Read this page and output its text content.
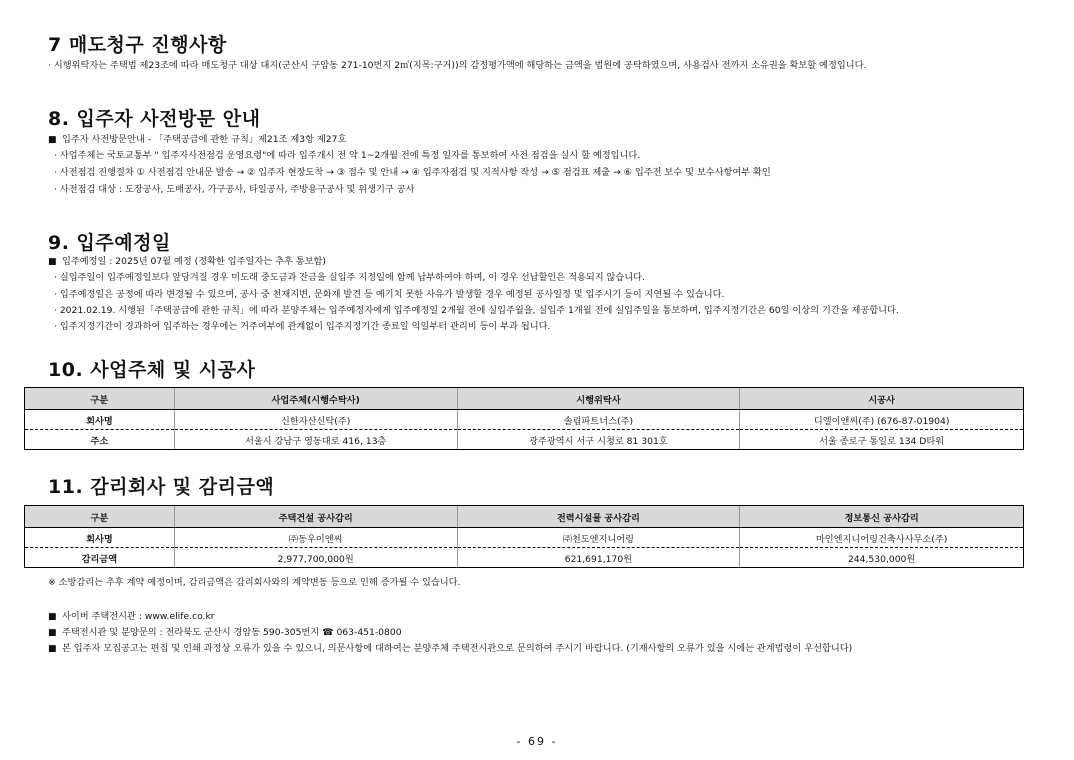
7 매도청구 진행사항
· 시행위탁자는 주택법 제23조에 따라 매도청구 대상 대지(군산시 구암동 271-10번지 2㎡(지목:구거))의 감정평가액에 해당하는 금액을 법원에 공탁하였으며, 사용검사 전까지 소유권을 확보할 예정입니다.
8. 입주자 사전방문 안내
■ 입주자 사전방문안내 - 「주택공급에 관한 규칙」제21조 제3항 제27호
· 사업주체는 국토교통부 " 입주자사전점검 운영요령"에 따라 입주개시 전 약 1~2개월 전에 특정 일자를 통보하여 사전 점검을 실시 할 예정입니다.
· 사전점검 진행절차 ① 사전점검 안내문 발송 → ② 입주자 현장도착 → ③ 접수 및 안내 → ④ 입주자점검 및 지적사항 작성 → ⑤ 점검표 제출 → ⑥ 입주전 보수 및 보수사항여부 확인
· 사전점검 대상 : 도장공사, 도배공사, 가구공사, 타일공사, 주방용구공사 및 위생기구 공사
9. 입주예정일
■ 입주예정일 : 2025년 07월 예정 (정확한 입주일자는 추후 통보함)
· 실입주일이 입주예정일보다 앞당겨질 경우 미도래 중도금과 잔금을 실입주 지정일에 함께 납부하여야 하며, 이 경우 선납할인은 적용되지 않습니다.
· 입주예정일은 공정에 따라 변경될 수 있으며, 공사 중 천재지변, 문화재 발견 등 예기치 못한 사유가 발생할 경우 예정된 공사일정 및 입주시기 등이 지연될 수 있습니다.
· 2021.02.19. 시행된「주택공급에 관한 규칙」에 따라 분양주체는 입주예정자에게 입주예정일 2개월 전에 실입주월을, 실입주 1개월 전에 실입주일을 통보하며, 입주지정기간은 60일 이상의 기간을 제공합니다.
· 입주지정기간이 경과하여 입주하는 경우에는 거주여부에 관계없이 입주지정기간 종료일 익일부터 관리비 등이 부과 됩니다.
10. 사업주체 및 시공사
구분	사업주체(시행수탁사)	시행위탁사	시공사
회사명	신한자산신탁(주)	솔림파트너스(주)	디엘이앤씨(주) (676-87-01904)
주소	서울시 강남구 영동대로 416, 13층	광주광역시 서구 시청로 81 301호	서울 종로구 통일로 134 D타워
11. 감리회사 및 감리금액
구분	주택건설 공사감리	전력시설물 공사감리	정보통신 공사감리
회사명	㈜동우이앤씨	㈜천도엔지니어링	마인엔지니어링건축사사무소(주)
감리금액	2,977,700,000원	621,691,170원	244,530,000원
※ 소방감리는 추후 계약 예정이며, 감리금액은 감리회사와의 계약변동 등으로 인해 증가될 수 있습니다.
■ 사이버 주택전시관 : www.elife.co.kr
■ 주택전시관 및 분양문의 : 전라북도 군산시 경암동 590-305번지 ☎ 063-451-0800
■ 본 입주자 모집공고는 편집 및 인쇄 과정상 오류가 있을 수 있으니, 의문사항에 대하여는 분양주체 주택전시관으로 문의하여 주시기 바랍니다. (기재사항의 오류가 있을 시에는 관계법령이 우선합니다)
- 69 -
